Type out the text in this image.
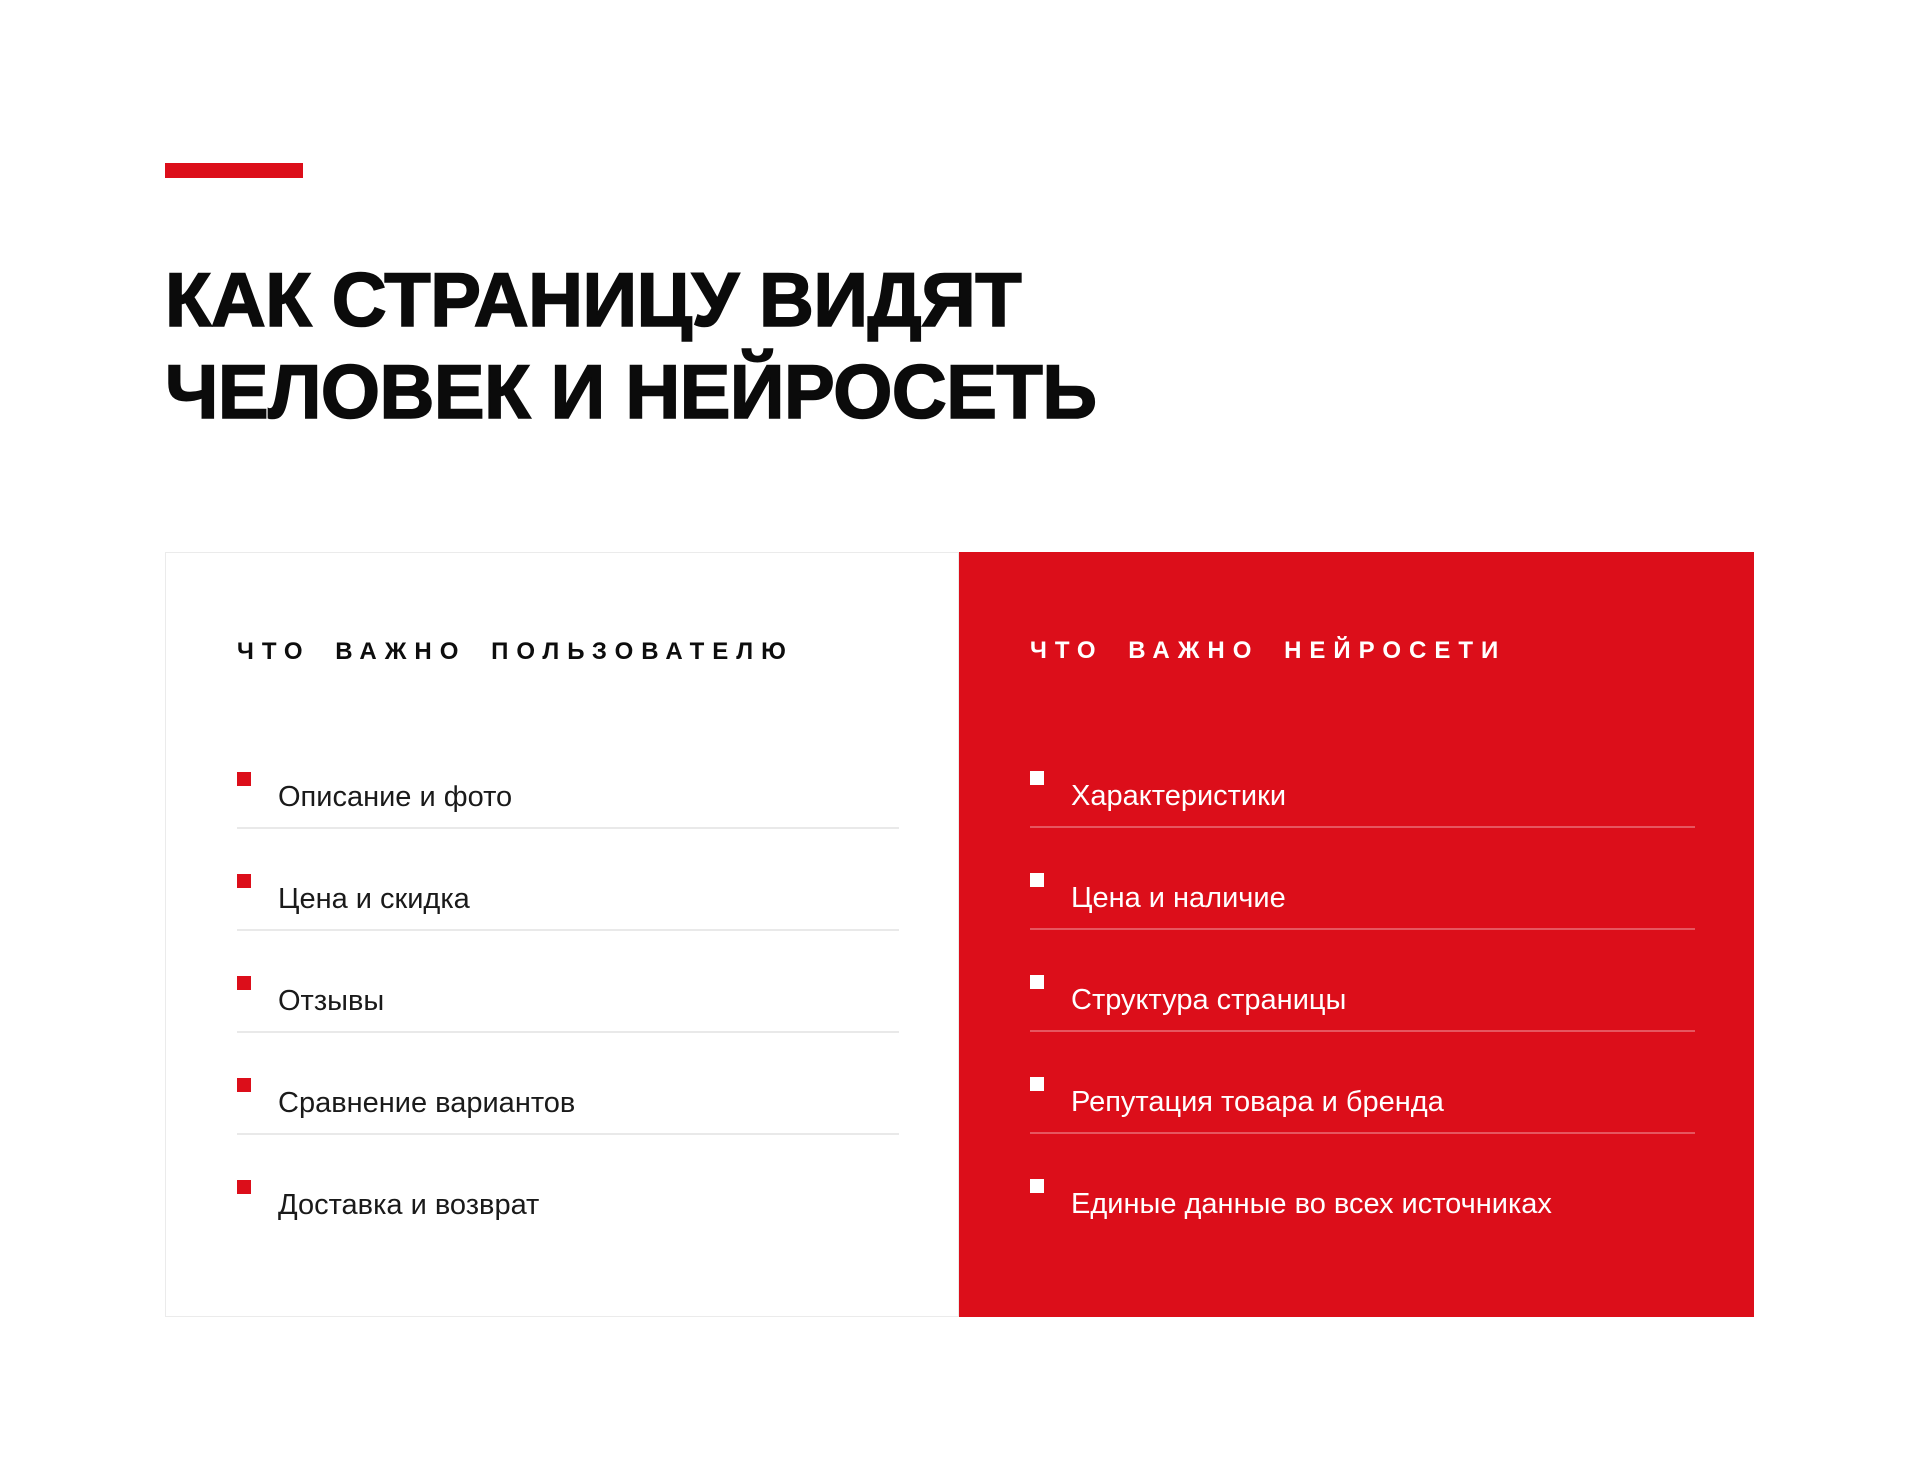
КАК СТРАНИЦУ ВИДЯТ
ЧЕЛОВЕК И НЕЙРОСЕТЬ
ЧТО ВАЖНО ПОЛЬЗОВАТЕЛЮ
Описание и фото
Цена и скидка
Отзывы
Сравнение вариантов
Доставка и возврат
ЧТО ВАЖНО НЕЙРОСЕТИ
Характеристики
Цена и наличие
Структура страницы
Репутация товара и бренда
Единые данные во всех источниках
